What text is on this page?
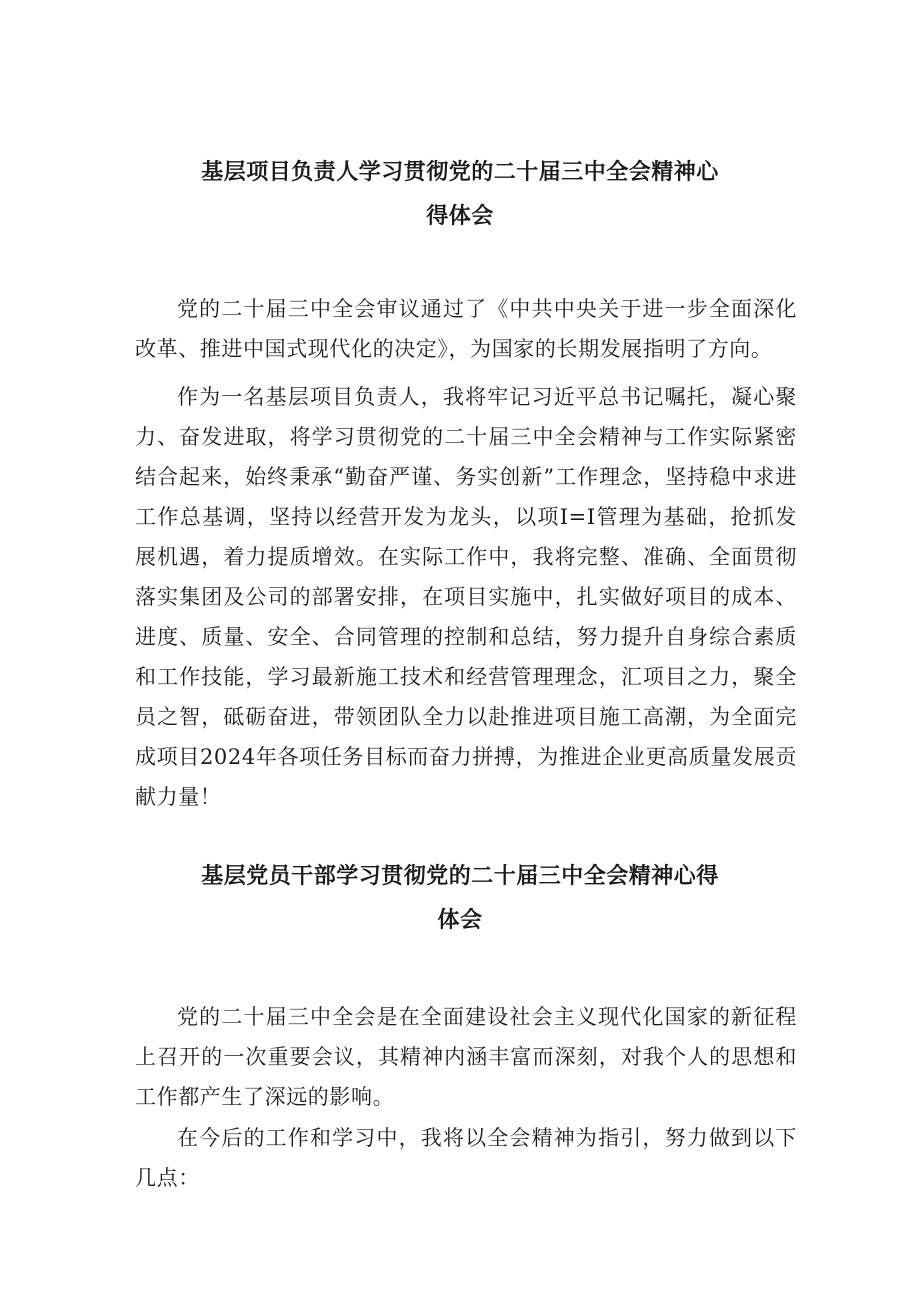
基层项目负责人学习贯彻党的二十届三中全会精神心
得体会

党的二十届三中全会审议通过了《中共中央关于进一步全面深化改革、推进中国式现代化的决定》，为国家的长期发展指明了方向。

作为一名基层项目负责人，我将牢记习近平总书记嘱托，凝心聚力、奋发进取，将学习贯彻党的二十届三中全会精神与工作实际紧密结合起来，始终秉承“勤奋严谨、务实创新”工作理念，坚持稳中求进工作总基调，坚持以经营开发为龙头，以项I=I管理为基础，抢抓发展机遇，着力提质增效。在实际工作中，我将完整、准确、全面贯彻落实集团及公司的部署安排，在项目实施中，扎实做好项目的成本、进度、质量、安全、合同管理的控制和总结，努力提升自身综合素质和工作技能，学习最新施工技术和经营管理理念，汇项目之力，聚全员之智，砥砺奋进，带领团队全力以赴推进项目施工高潮，为全面完成项目2024年各项任务目标而奋力拼搏，为推进企业更高质量发展贡献力量！

基层党员干部学习贯彻党的二十届三中全会精神心得
体会

党的二十届三中全会是在全面建设社会主义现代化国家的新征程上召开的一次重要会议，其精神内涵丰富而深刻，对我个人的思想和工作都产生了深远的影响。

在今后的工作和学习中，我将以全会精神为指引，努力做到以下几点：
